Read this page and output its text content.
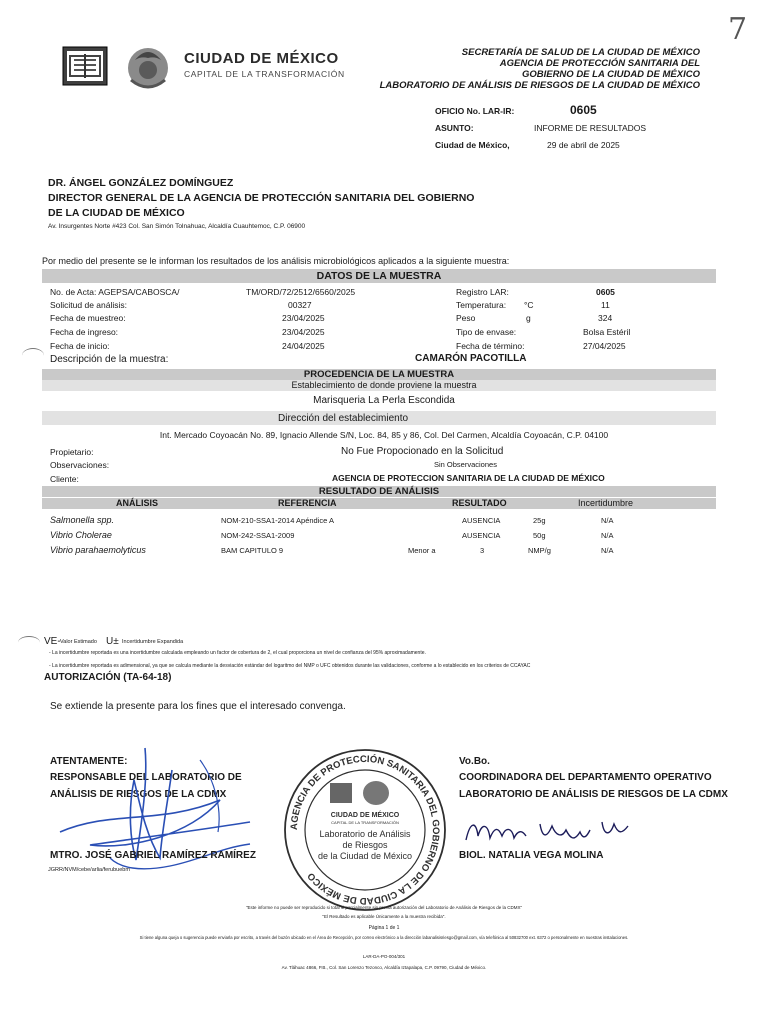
7
CIUDAD DE MÉXICO
CAPITAL DE LA TRANSFORMACIÓN
SECRETARÍA DE SALUD DE LA CIUDAD DE MÉXICO
AGENCIA DE PROTECCIÓN SANITARIA DEL
GOBIERNO DE LA CIUDAD DE MÉXICO
LABORATORIO DE ANÁLISIS DE RIESGOS DE LA CIUDAD DE MÉXICO
OFICIO No. LAR-IR:	0605
ASUNTO:	INFORME DE RESULTADOS
Ciudad de México,	29 de abril de 2025
DR. ÁNGEL GONZÁLEZ DOMÍNGUEZ
DIRECTOR GENERAL DE LA AGENCIA DE PROTECCIÓN SANITARIA DEL GOBIERNO
DE LA CIUDAD DE MÉXICO
Av. Insurgentes Norte #423 Col. San Simón Tolnahuac, Alcaldía Cuauhtemoc, C.P. 06900
Por medio del presente se le informan los resultados de los análisis microbiológicos aplicados a la siguiente muestra:
DATOS DE LA MUESTRA
No. de Acta: AGEPSA/CABOSCA/	TM/ORD/72/2512/6560/2025
Solicitud de análisis:	00327
Fecha de muestreo:	23/04/2025
Fecha de ingreso:	23/04/2025
Fecha de inicio:	24/04/2025
Registro LAR:	0605
Temperatura: °C	11
Peso	g	324
Tipo de envase:	Bolsa Estéril
Fecha de término:	27/04/2025
Descripción de la muestra:	CAMARÓN PACOTILLA
PROCEDENCIA DE LA MUESTRA
Establecimiento de donde proviene la muestra
Marisqueria La Perla Escondida
Dirección del establecimiento
Int. Mercado Coyoacán No. 89, Ignacio Allende S/N, Loc. 84, 85 y 86, Col. Del Carmen, Alcaldía Coyoacán, C.P. 04100
Propietario:	No Fue Propocionado en la Solicitud
Observaciones:	Sin Observaciones
Cliente:	AGENCIA DE PROTECCION SANITARIA DE LA CIUDAD DE MÉXICO
RESULTADO DE ANÁLISIS
ANÁLISIS	REFERENCIA	RESULTADO	Incertidumbre
Salmonella spp.	NOM-210-SSA1-2014 Apéndice A	AUSENCIA	25g	N/A
Vibrio Cholerae	NOM-242-SSA1-2009	AUSENCIA	50g	N/A
Vibrio parahaemolyticus	BAM CAPITULO 9	Menor a	3	NMP/g	N/A
VE- Valor Estimado U± Incertidumbre Expandida
- La incertidumbre reportada es una incertidumbre calculada empleando un factor de cobertura de 2, el cual proporciona un nivel de confianza del 95% aproximadamente.
- La incertidumbre reportada es adimensional, ya que se calcula mediante la desviación estándar del logaritmo del NMP o UFC obtenidos durante las validaciones, conforme a lo establecido en los criterios de CCAYAC
AUTORIZACIÓN (TA-64-18)
Se extiende la presente para los fines que el interesado convenga.
ATENTAMENTE:
RESPONSABLE DEL LABORATORIO DE
ANÁLISIS DE RIESGOS DE LA CDMX
MTRO. JOSÉ GABRIEL RAMÍREZ RAMÍREZ
JGRR/NVM/cebe/arlia/ferubuebm
AGENCIA DE PROTECCIÓN SANITARIA DEL GOBIERNO DE LA CIUDAD DE MÉXICO
CIUDAD DE MÉXICO
CAPITAL DE LA TRANSFORMACIÓN
Laboratorio de Análisis
de Riesgos
de la Ciudad de México
Vo.Bo.
COORDINADORA DEL DEPARTAMENTO OPERATIVO
LABORATORIO DE ANÁLISIS DE RIESGOS DE LA CDMX
BIOL. NATALIA VEGA MOLINA
"Este informe no puede ser reproducido si total si parcialmente sin previa autorización del Laboratorio de Análisis de Riesgos de la CDMX"
"El Resultado es aplicable Únicamente a la muestra recibida".
Página 1 de 1
Si tiene alguna queja o sugerencia puede enviarla por escrito, a través del buzón ubicado en el Área de Recepción, por correo electrónico a la dirección labanalisisriesgo@gmail.com, vía telefónica al 50832700 ext. 6372 o personalmente en nuestras instalaciones.
LAR-DA-PO-004/301
Av. Tláhuac 4866, P.B., Col. San Lorenzo Tezonco, Alcaldía Iztapalapa, C.P. 09790, Ciudad de México.
